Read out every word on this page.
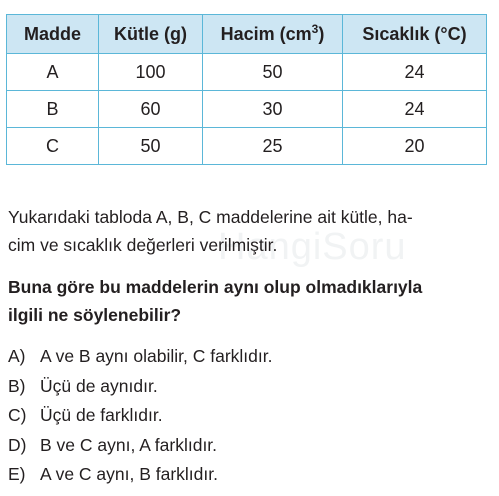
Madde	Kütle (g)	Hacim $(cm^3)$	Sıcaklık (°C)
A	100	50	24
B	60	30	24
C	50	25	20
HangiSoru
Yukarıdaki tabloda A, B, C maddelerine ait kütle, ha-
cim ve sıcaklık değerleri verilmiştir.
Buna göre bu maddelerin aynı olup olmadıklarıyla
ilgili ne söylenebilir?
A) A ve B aynı olabilir, C farklıdır.
B) Üçü de aynıdır.
C) Üçü de farklıdır.
D) B ve C aynı, A farklıdır.
E) A ve C aynı, B farklıdır.
